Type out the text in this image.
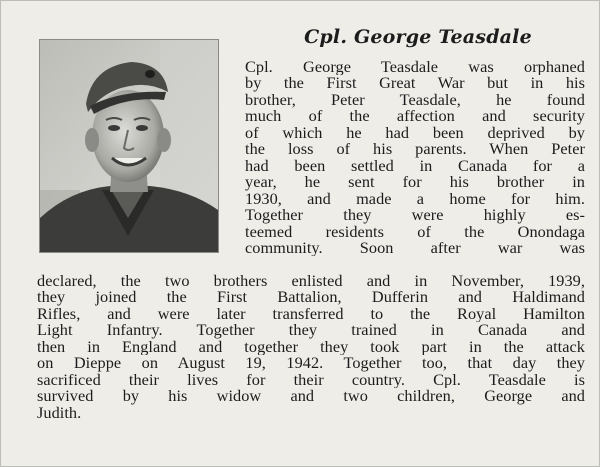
Cpl. George Teasdale
Cpl. George Teasdale was orphaned
by the First Great War but in his
brother, Peter Teasdale, he found
much of the affection and security
of which he had been deprived by
the loss of his parents. When Peter
had been settled in Canada for a
year, he sent for his brother in
1930, and made a home for him.
Together they were highly es-
teemed residents of the Onondaga
community. Soon after war was
declared, the two brothers enlisted and in November, 1939,
they joined the First Battalion, Dufferin and Haldimand
Rifles, and were later transferred to the Royal Hamilton
Light Infantry. Together they trained in Canada and
then in England and together they took part in the attack
on Dieppe on August 19, 1942. Together too, that day they
sacrificed their lives for their country. Cpl. Teasdale is
survived by his widow and two children, George and
Judith.
